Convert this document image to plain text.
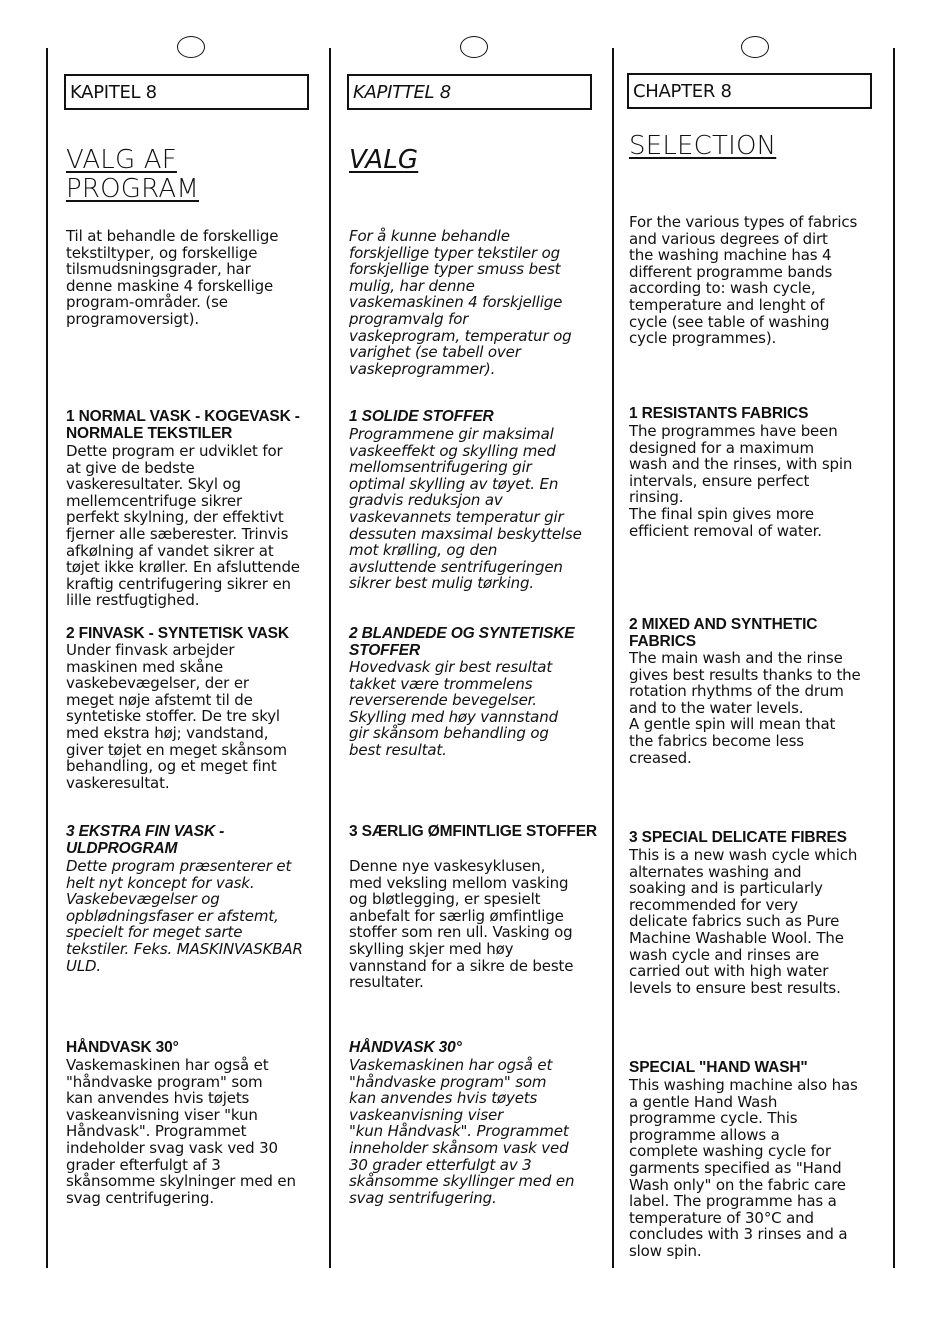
KAPITEL 8
VALG AF
PROGRAM
Til at behandle de forskellige
tekstiltyper, og forskellige
tilsmudsningsgrader, har
denne maskine 4 forskellige
program-områder. (se
programoversigt).
1 NORMAL VASK - KOGEVASK -
NORMALE TEKSTILER
Dette program er udviklet for
at give de bedste
vaskeresultater. Skyl og
mellemcentrifuge sikrer
perfekt skylning, der effektivt
fjerner alle sæberester. Trinvis
afkølning af vandet sikrer at
tøjet ikke krøller. En afsluttende
kraftig centrifugering sikrer en
lille restfugtighed.
2 FINVASK - SYNTETISK VASK
Under finvask arbejder
maskinen med skåne
vaskebevægelser, der er
meget nøje afstemt til de
syntetiske stoffer. De tre skyl
med ekstra høj; vandstand,
giver tøjet en meget skånsom
behandling, og et meget fint
vaskeresultat.
3 EKSTRA FIN VASK -
ULDPROGRAM
Dette program præsenterer et
helt nyt koncept for vask.
Vaskebevægelser og
opblødningsfaser er afstemt,
specielt for meget sarte
tekstiler. Feks. MASKINVASKBAR
ULD.
HÅNDVASK 30°
Vaskemaskinen har også et
"håndvaske program" som
kan anvendes hvis tøjets
vaskeanvisning viser "kun
Håndvask". Programmet
indeholder svag vask ved 30
grader efterfulgt af 3
skånsomme skylninger med en
svag centrifugering.
KAPITTEL 8
VALG
For å kunne behandle
forskjellige typer tekstiler og
forskjellige typer smuss best
mulig, har denne
vaskemaskinen 4 forskjellige
programvalg for
vaskeprogram, temperatur og
varighet (se tabell over
vaskeprogrammer).
1 SOLIDE STOFFER
Programmene gir maksimal
vaskeeffekt og skylling med
mellomsentrifugering gir
optimal skylling av tøyet. En
gradvis reduksjon av
vaskevannets temperatur gir
dessuten maxsimal beskyttelse
mot krølling, og den
avsluttende sentrifugeringen
sikrer best mulig tørking.
2 BLANDEDE OG SYNTETISKE
STOFFER
Hovedvask gir best resultat
takket være trommelens
reverserende bevegelser.
Skylling med høy vannstand
gir skånsom behandling og
best resultat.
3 SÆRLIG ØMFINTLIGE STOFFER
Denne nye vaskesyklusen,
med veksling mellom vasking
og bløtlegging, er spesielt
anbefalt for særlig ømfintlige
stoffer som ren ull. Vasking og
skylling skjer med høy
vannstand for a sikre de beste
resultater.
HÅNDVASK 30°
Vaskemaskinen har også et
"håndvaske program" som
kan anvendes hvis tøyets
vaskeanvisning viser
"kun Håndvask". Programmet
inneholder skånsom vask ved
30 grader etterfulgt av 3
skånsomme skyllinger med en
svag sentrifugering.
CHAPTER 8
SELECTION
For the various types of fabrics
and various degrees of dirt
the washing machine has 4
different programme bands
according to: wash cycle,
temperature and lenght of
cycle (see table of washing
cycle programmes).
1 RESISTANTS FABRICS
The programmes have been
designed for a maximum
wash and the rinses, with spin
intervals, ensure perfect
rinsing.
The final spin gives more
efficient removal of water.
2 MIXED AND SYNTHETIC
FABRICS
The main wash and the rinse
gives best results thanks to the
rotation rhythms of the drum
and to the water levels.
A gentle spin will mean that
the fabrics become less
creased.
3 SPECIAL DELICATE FIBRES
This is a new wash cycle which
alternates washing and
soaking and is particularly
recommended for very
delicate fabrics such as Pure
Machine Washable Wool. The
wash cycle and rinses are
carried out with high water
levels to ensure best results.
SPECIAL "HAND WASH"
This washing machine also has
a gentle Hand Wash
programme cycle. This
programme allows a
complete washing cycle for
garments specified as "Hand
Wash only" on the fabric care
label. The programme has a
temperature of 30°C and
concludes with 3 rinses and a
slow spin.
